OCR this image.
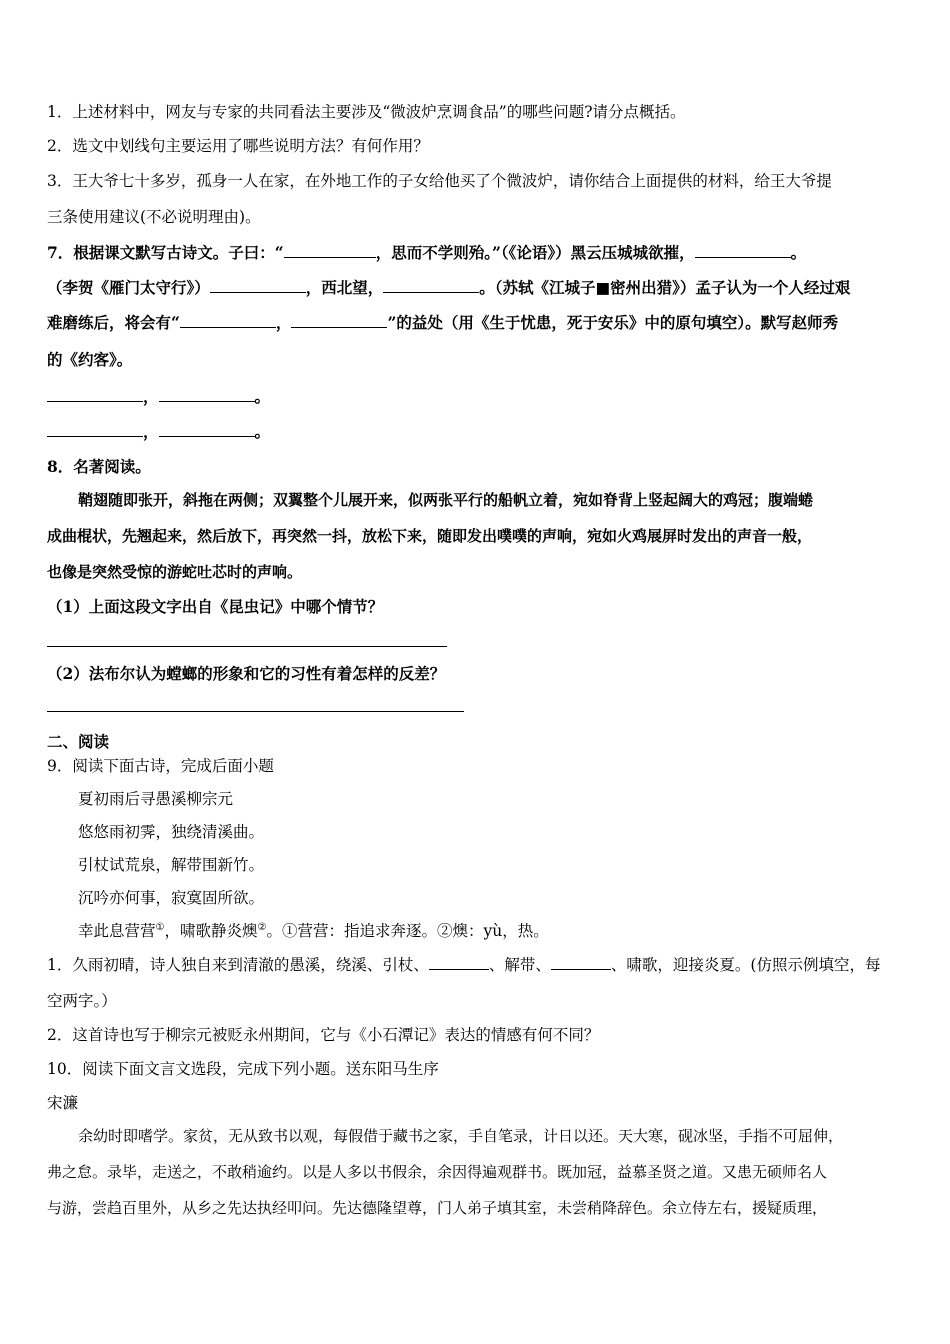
1．上述材料中，网友与专家的共同看法主要涉及“微波炉烹调食品”的哪些问题?请分点概括。
2．选文中划线句主要运用了哪些说明方法？有何作用？
3．王大爷七十多岁，孤身一人在家，在外地工作的子女给他买了个微波炉，请你结合上面提供的材料，给王大爷提
三条使用建议(不必说明理由)。
7．根据课文默写古诗文。子曰：“	，思而不学则殆。”（《论语》）黑云压城城欲摧，	。
（李贺《雁门太守行》）	，西北望，	。（苏轼《江城子■密州出猎》）孟子认为一个人经过艰
难磨练后，将会有“	，	”的益处（用《生于忧患，死于安乐》中的原句填空）。默写赵师秀
的《约客》。
，	。
，	。
8．名著阅读。
鞘翅随即张开，斜拖在两侧；双翼整个儿展开来，似两张平行的船帆立着，宛如脊背上竖起阔大的鸡冠；腹端蜷
成曲棍状，先翘起来，然后放下，再突然一抖，放松下来，随即发出噗噗的声响，宛如火鸡展屏时发出的声音一般，
也像是突然受惊的游蛇吐芯时的声响。
（1）上面这段文字出自《昆虫记》中哪个情节？
（2）法布尔认为螳螂的形象和它的习性有着怎样的反差？
二、阅读
9．阅读下面古诗，完成后面小题
夏初雨后寻愚溪柳宗元
悠悠雨初霁，独绕清溪曲。
引杖试荒泉，解带围新竹。
沉吟亦何事，寂寞固所欲。
幸此息营营①，啸歌静炎燠②。①营营：指追求奔逐。②燠：yù，热。
1．久雨初晴，诗人独自来到清澈的愚溪，绕溪、引杖、	、解带、	、啸歌，迎接炎夏。(仿照示例填空，每
空两字。）
2．这首诗也写于柳宗元被贬永州期间，它与《小石潭记》表达的情感有何不同？
10．阅读下面文言文选段，完成下列小题。送东阳马生序
宋濂
余幼时即嗜学。家贫，无从致书以观，每假借于藏书之家，手自笔录，计日以还。天大寒，砚冰坚，手指不可屈伸，
弗之怠。录毕，走送之，不敢稍逾约。以是人多以书假余，余因得遍观群书。既加冠，益慕圣贤之道。又患无硕师名人
与游，尝趋百里外，从乡之先达执经叩问。先达德隆望尊，门人弟子填其室，未尝稍降辞色。余立侍左右，援疑质理，
